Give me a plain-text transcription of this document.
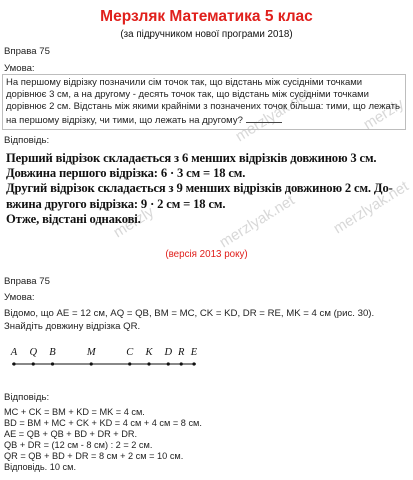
merzlyak.net	merzly
merzlyak.net merzlyak.net
merzly
Мерзляк Математика 5 клас
(за підручником нової програми 2018)
Вправа 75
Умова:
На першому відрізку позначили сім точок так, що відстань між сусідніми точками дорівнює 3 см, а на другому - десять точок так, що відстань між сусідніми точками дорівнює 2 см. Відстань між якими крайніми з позначених точок більша: тими, що лежать на першому відрізку, чи тими, що лежать на другому?
Відповідь:
Перший відрізок складається з 6 менших відрізків довжиною 3 см.
Довжина першого відрізка: 6 · 3 см = 18 см.
Другий відрізок складається з 9 менших відрізків довжиною 2 см. До-
вжина другого відрізка: 9 · 2 см = 18 см.
Отже, відстані однакові.
(версія 2013 року)
Вправа 75
Умова:
Відомо, що AE = 12 см, AQ = QB, BM = MC, CK = KD, DR = RE, MK = 4 см (рис. 30). Знайдіть довжину відрізка QR.
A Q B	M	C K D R E
Відповідь:
MC + CK = BM + KD = MK = 4 см.
BD = BM + MC + CK + KD = 4 см + 4 см = 8 см.
AE = QB + QB + BD + DR + DR.
QB + DR = (12 см - 8 см) : 2 = 2 см.
QR = QB + BD + DR = 8 см + 2 см = 10 см.
Відповідь. 10 см.
